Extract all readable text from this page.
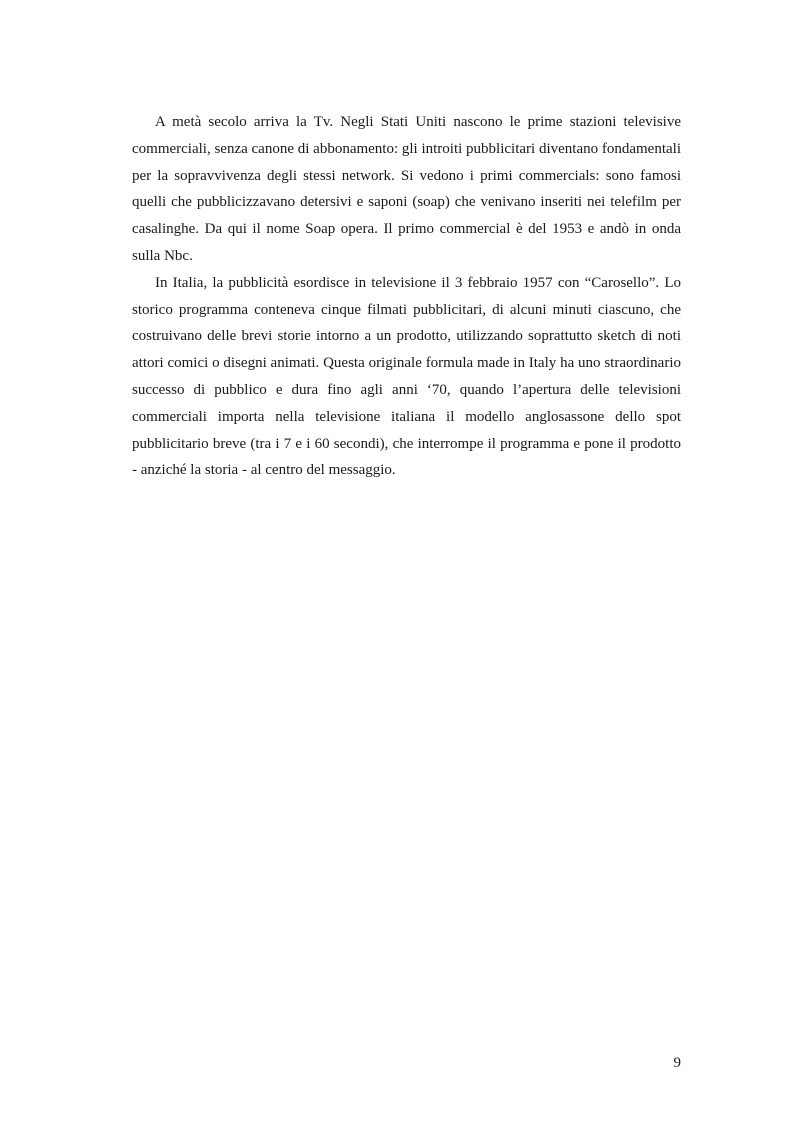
A metà secolo arriva la Tv. Negli Stati Uniti nascono le prime stazioni televisive commerciali, senza canone di abbonamento: gli introiti pubblicitari diventano fondamentali per la sopravvivenza degli stessi network. Si vedono i primi commercials: sono famosi quelli che pubblicizzavano detersivi e saponi (soap) che venivano inseriti nei telefilm per casalinghe. Da qui il nome Soap opera. Il primo commercial è del 1953 e andò in onda sulla Nbc.

In Italia, la pubblicità esordisce in televisione il 3 febbraio 1957 con “Carosello”. Lo storico programma conteneva cinque filmati pubblicitari, di alcuni minuti ciascuno, che costruivano delle brevi storie intorno a un prodotto, utilizzando soprattutto sketch di noti attori comici o disegni animati. Questa originale formula made in Italy ha uno straordinario successo di pubblico e dura fino agli anni ‘70, quando l’apertura delle televisioni commerciali importa nella televisione italiana il modello anglosassone dello spot pubblicitario breve (tra i 7 e i 60 secondi), che interrompe il programma e pone il prodotto - anziché la storia - al centro del messaggio.

9
